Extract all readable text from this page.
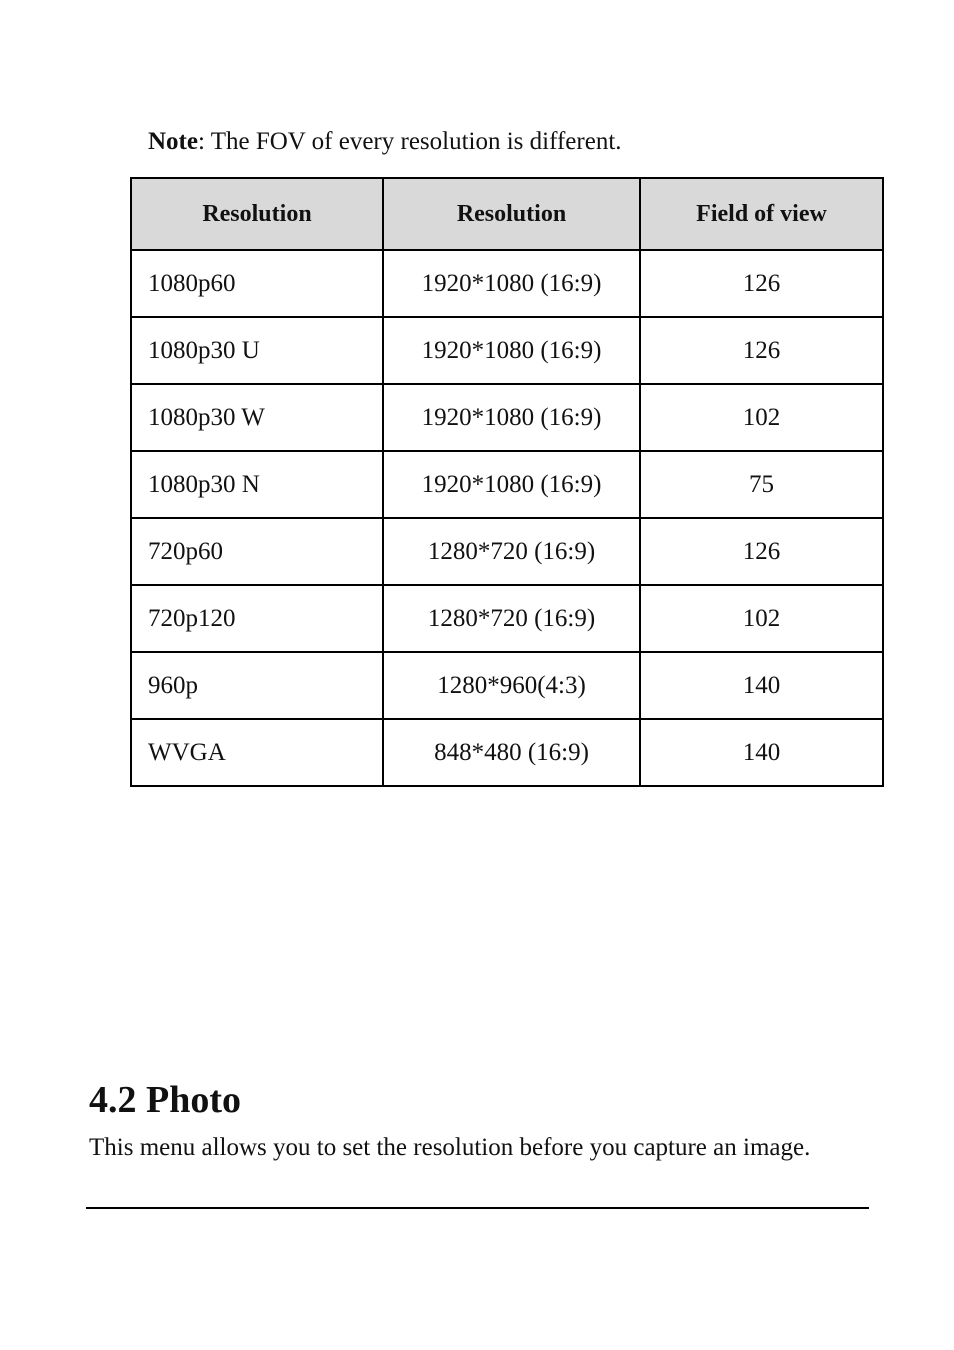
Note: The FOV of every resolution is different.
Resolution	Resolution	Field of view
1080p60	1920*1080 (16:9)	126
1080p30 U	1920*1080 (16:9)	126
1080p30 W	1920*1080 (16:9)	102
1080p30 N	1920*1080 (16:9)	75
720p60	1280*720 (16:9)	126
720p120	1280*720 (16:9)	102
960p	1280*960(4:3)	140
WVGA	848*480 (16:9)	140
4.2 Photo

This menu allows you to set the resolution before you capture an image.
